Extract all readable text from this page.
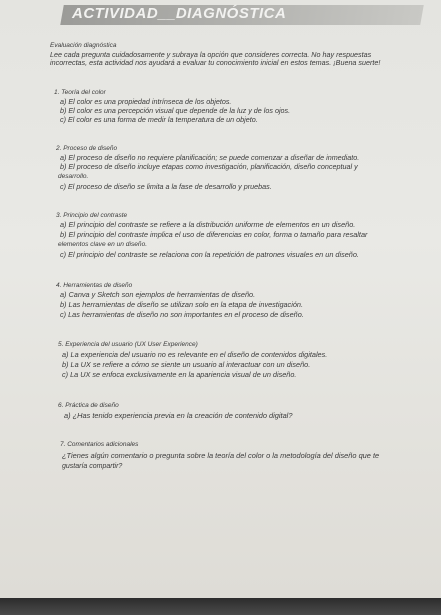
ACTIVIDAD__DIAGNÓSTICA
Evaluación diagnóstica
Lee cada pregunta cuidadosamente y subraya la opción que consideres correcta. No hay respuestas
incorrectas, esta actividad nos ayudará a evaluar tu conocimiento inicial en estos temas. ¡Buena suerte!
1. Teoría del color
a) El color es una propiedad intrínseca de los objetos.
b) El color es una percepción visual que depende de la luz y de los ojos.
c) El color es una forma de medir la temperatura de un objeto.
2. Proceso de diseño
a) El proceso de diseño no requiere planificación; se puede comenzar a diseñar de inmediato.
b) El proceso de diseño incluye etapas como investigación, planificación, diseño conceptual y
desarrollo.
c) El proceso de diseño se limita a la fase de desarrollo y pruebas.
3. Principio del contraste
a) El principio del contraste se refiere a la distribución uniforme de elementos en un diseño.
b) El principio del contraste implica el uso de diferencias en color, forma o tamaño para resaltar
elementos clave en un diseño.
c) El principio del contraste se relaciona con la repetición de patrones visuales en un diseño.
4. Herramientas de diseño
a) Canva y Sketch son ejemplos de herramientas de diseño.
b) Las herramientas de diseño se utilizan solo en la etapa de investigación.
c) Las herramientas de diseño no son importantes en el proceso de diseño.
5. Experiencia del usuario (UX User Experience)
a) La experiencia del usuario no es relevante en el diseño de contenidos digitales.
b) La UX se refiere a cómo se siente un usuario al interactuar con un diseño.
c) La UX se enfoca exclusivamente en la apariencia visual de un diseño.
6. Práctica de diseño
a) ¿Has tenido experiencia previa en la creación de contenido digital?
7. Comentarios adicionales
¿Tienes algún comentario o pregunta sobre la teoría del color o la metodología del diseño que te
gustaría compartir?
